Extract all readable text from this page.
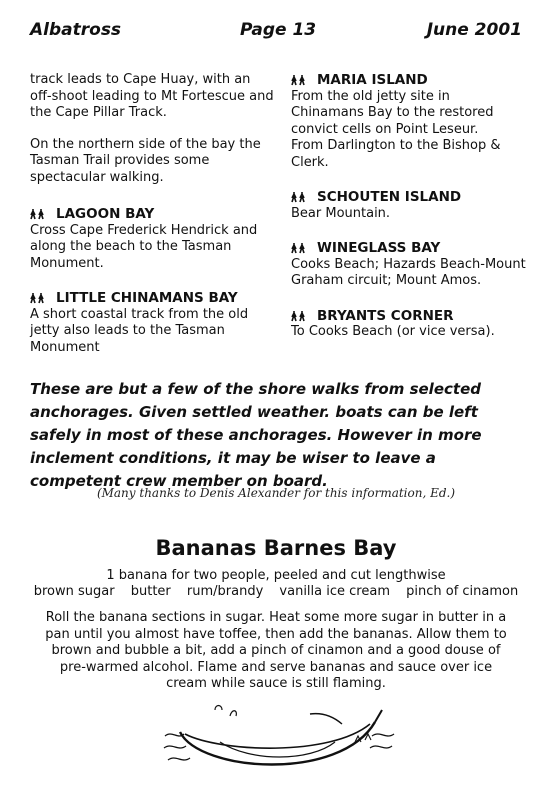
Albatross	Page 13	June 2001

track leads to Cape Huay, with an off-shoot leading to Mt Fortescue and the Cape Pillar Track.

On the northern side of the bay the Tasman Trail provides some spectacular walking.

LAGOON BAY
Cross Cape Frederick Hendrick and along the beach to the Tasman Monument.
LITTLE CHINAMANS BAY
A short coastal track from the old jetty also leads to the Tasman Monument
MARIA ISLAND
From the old jetty site in Chinamans Bay to the restored convict cells on Point Leseur.
From Darlington to the Bishop & Clerk.
SCHOUTEN ISLAND
Bear Mountain.
WINEGLASS BAY
Cooks Beach; Hazards Beach-Mount Graham circuit; Mount Amos.
BRYANTS CORNER
To Cooks Beach (or vice versa).
These are but a few of the shore walks from selected anchorages. Given settled weather. boats can be left safely in most of these anchorages. However in more inclement conditions, it may be wiser to leave a competent crew member on board.
(Many thanks to Denis Alexander for this information, Ed.)
Bananas Barnes Bay
1 banana for two people, peeled and cut lengthwise
brown sugar butter rum/brandy vanilla ice cream pinch of cinamon
Roll the banana sections in sugar. Heat some more sugar in butter in a pan until you almost have toffee, then add the bananas. Allow them to brown and bubble a bit, add a pinch of cinamon and a good douse of pre-warmed alcohol. Flame and serve bananas and sauce over ice cream while sauce is still flaming.
